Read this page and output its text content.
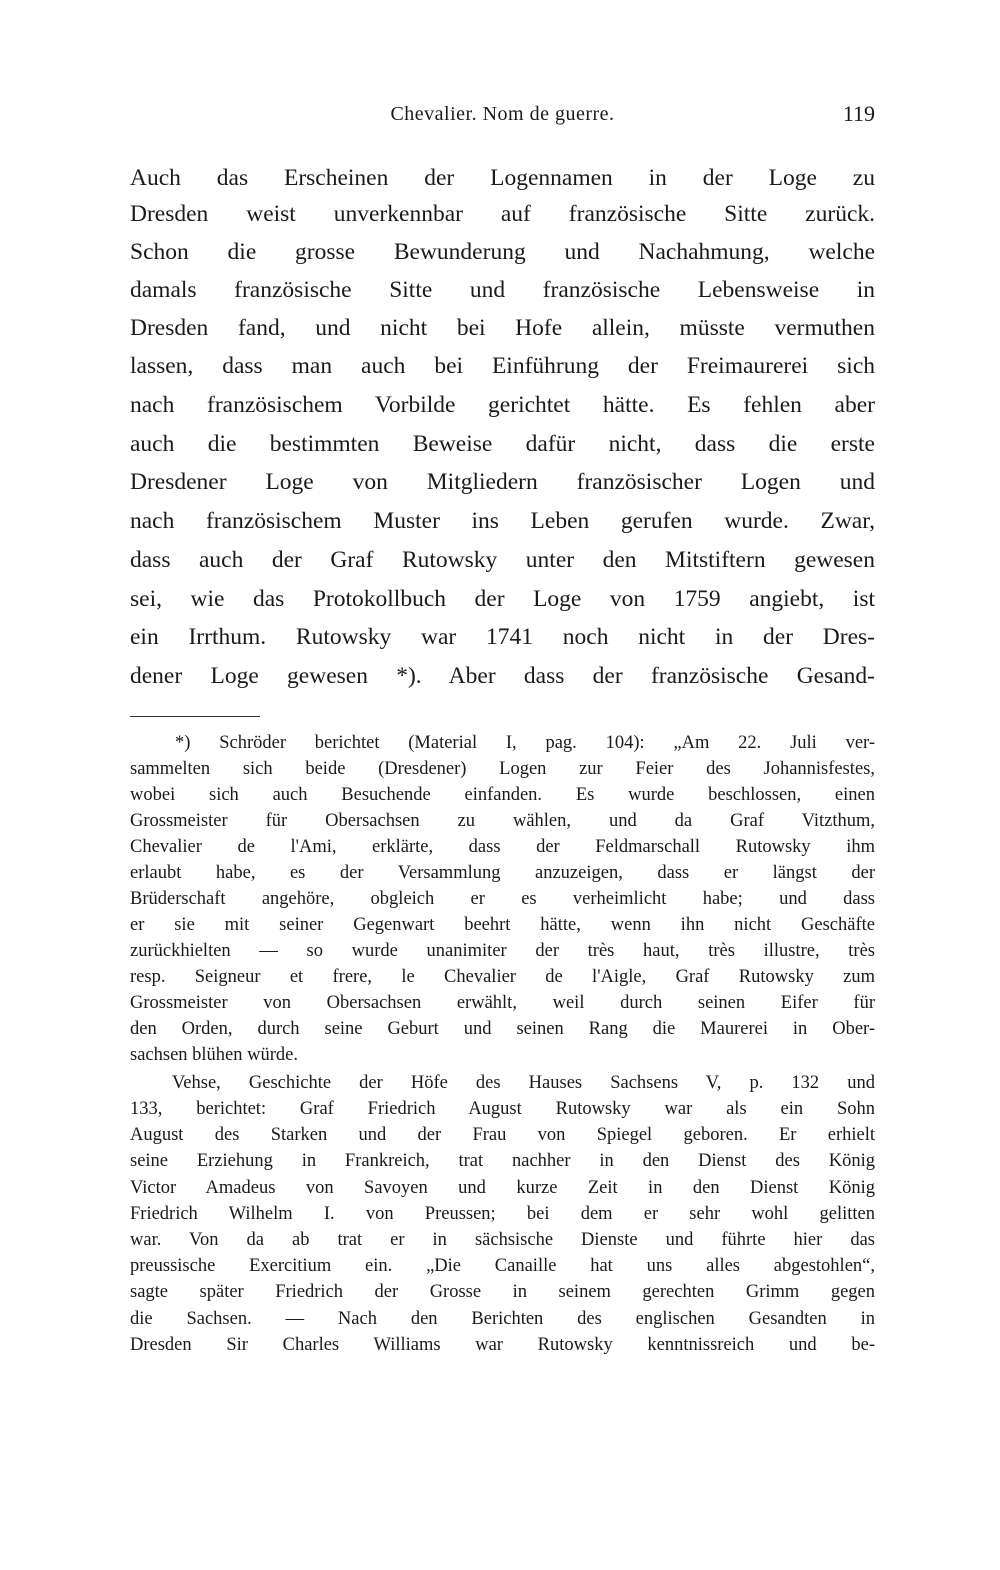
Chevalier. Nom de guerre.	119
Auch das Erscheinen der Logennamen in der Loge zu
Dresden weist unverkennbar auf französische Sitte zurück.
Schon die grosse Bewunderung und Nachahmung, welche
damals französische Sitte und französische Lebensweise in
Dresden fand, und nicht bei Hofe allein, müsste vermuthen
lassen, dass man auch bei Einführung der Freimaurerei sich
nach französischem Vorbilde gerichtet hätte. Es fehlen aber
auch die bestimmten Beweise dafür nicht, dass die erste
Dresdener Loge von Mitgliedern französischer Logen und
nach französischem Muster ins Leben gerufen wurde. Zwar,
dass auch der Graf Rutowsky unter den Mitstiftern gewesen
sei, wie das Protokollbuch der Loge von 1759 angiebt, ist
ein Irrthum. Rutowsky war 1741 noch nicht in der Dres-
dener Loge gewesen *). Aber dass der französische Gesand-
*) Schröder berichtet (Material I, pag. 104): „Am 22. Juli ver-
sammelten sich beide (Dresdener) Logen zur Feier des Johannisfestes,
wobei sich auch Besuchende einfanden. Es wurde beschlossen, einen
Grossmeister für Obersachsen zu wählen, und da Graf Vitzthum,
Chevalier de l'Ami, erklärte, dass der Feldmarschall Rutowsky ihm
erlaubt habe, es der Versammlung anzuzeigen, dass er längst der
Brüderschaft angehöre, obgleich er es verheimlicht habe; und dass
er sie mit seiner Gegenwart beehrt hätte, wenn ihn nicht Geschäfte
zurückhielten — so wurde unanimiter der très haut, très illustre, très
resp. Seigneur et frere, le Chevalier de l'Aigle, Graf Rutowsky zum
Grossmeister von Obersachsen erwählt, weil durch seinen Eifer für
den Orden, durch seine Geburt und seinen Rang die Maurerei in Ober-
sachsen blühen würde.
Vehse, Geschichte der Höfe des Hauses Sachsens V, p. 132 und
133, berichtet: Graf Friedrich August Rutowsky war als ein Sohn
August des Starken und der Frau von Spiegel geboren. Er erhielt
seine Erziehung in Frankreich, trat nachher in den Dienst des König
Victor Amadeus von Savoyen und kurze Zeit in den Dienst König
Friedrich Wilhelm I. von Preussen; bei dem er sehr wohl gelitten
war. Von da ab trat er in sächsische Dienste und führte hier das
preussische Exercitium ein. „Die Canaille hat uns alles abgestohlen“,
sagte später Friedrich der Grosse in seinem gerechten Grimm gegen
die Sachsen. — Nach den Berichten des englischen Gesandten in
Dresden Sir Charles Williams war Rutowsky kenntnissreich und be-
